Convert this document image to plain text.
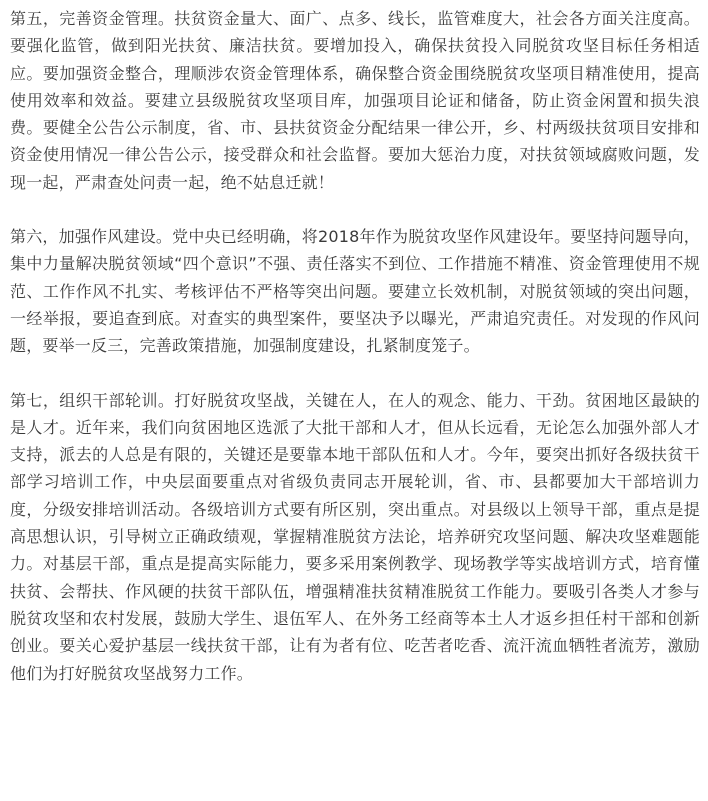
第五，完善资金管理。扶贫资金量大、面广、点多、线长，监管难度大，社会各方面关注度高。要强化监管，做到阳光扶贫、廉洁扶贫。要增加投入，确保扶贫投入同脱贫攻坚目标任务相适应。要加强资金整合，理顺涉农资金管理体系，确保整合资金围绕脱贫攻坚项目精准使用，提高使用效率和效益。要建立县级脱贫攻坚项目库，加强项目论证和储备，防止资金闲置和损失浪费。要健全公告公示制度，省、市、县扶贫资金分配结果一律公开，乡、村两级扶贫项目安排和资金使用情况一律公告公示，接受群众和社会监督。要加大惩治力度，对扶贫领域腐败问题，发现一起，严肃查处问责一起，绝不姑息迁就！

第六，加强作风建设。党中央已经明确，将2018年作为脱贫攻坚作风建设年。要坚持问题导向，集中力量解决脱贫领域“四个意识”不强、责任落实不到位、工作措施不精准、资金管理使用不规范、工作作风不扎实、考核评估不严格等突出问题。要建立长效机制，对脱贫领域的突出问题，一经举报，要追查到底。对查实的典型案件，要坚决予以曝光，严肃追究责任。对发现的作风问题，要举一反三，完善政策措施，加强制度建设，扎紧制度笼子。

第七，组织干部轮训。打好脱贫攻坚战，关键在人，在人的观念、能力、干劲。贫困地区最缺的是人才。近年来，我们向贫困地区选派了大批干部和人才，但从长远看，无论怎么加强外部人才支持，派去的人总是有限的，关键还是要靠本地干部队伍和人才。今年，要突出抓好各级扶贫干部学习培训工作，中央层面要重点对省级负责同志开展轮训，省、市、县都要加大干部培训力度，分级安排培训活动。各级培训方式要有所区别，突出重点。对县级以上领导干部，重点是提高思想认识，引导树立正确政绩观，掌握精准脱贫方法论，培养研究攻坚问题、解决攻坚难题能力。对基层干部，重点是提高实际能力，要多采用案例教学、现场教学等实战培训方式，培育懂扶贫、会帮扶、作风硬的扶贫干部队伍，增强精准扶贫精准脱贫工作能力。要吸引各类人才参与脱贫攻坚和农村发展，鼓励大学生、退伍军人、在外务工经商等本土人才返乡担任村干部和创新创业。要关心爱护基层一线扶贫干部，让有为者有位、吃苦者吃香、流汗流血牺牲者流芳，激励他们为打好脱贫攻坚战努力工作。
